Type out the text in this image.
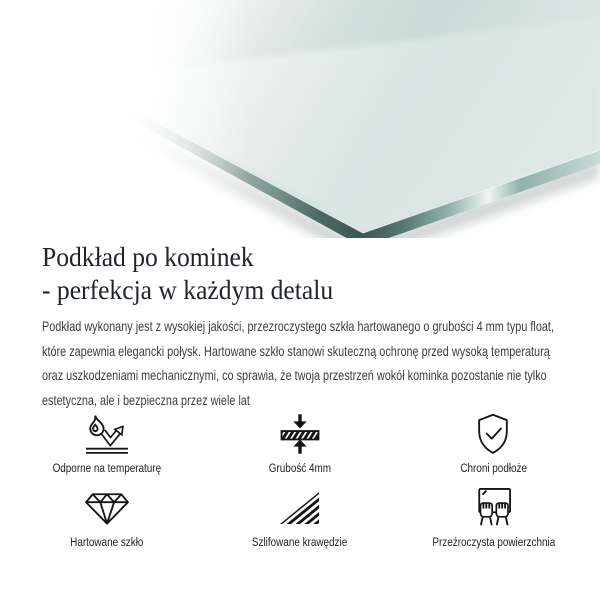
Podkład po kominek
- perfekcja w każdym detalu
Podkład wykonany jest z wysokiej jakości, przezroczystego szkła hartowanego o grubości 4 mm typu float,
które zapewnia elegancki połysk. Hartowane szkło stanowi skuteczną ochronę przed wysoką temperaturą
oraz uszkodzeniami mechanicznymi, co sprawia, że twoja przestrzeń wokół kominka pozostanie nie tylko
estetyczna, ale i bezpieczna przez wiele lat
Odporne na temperaturę	Grubość 4mm	Chroni podłoże
Hartowane szkło	Szlifowane krawędzie	Przeźroczysta powierzchnia
